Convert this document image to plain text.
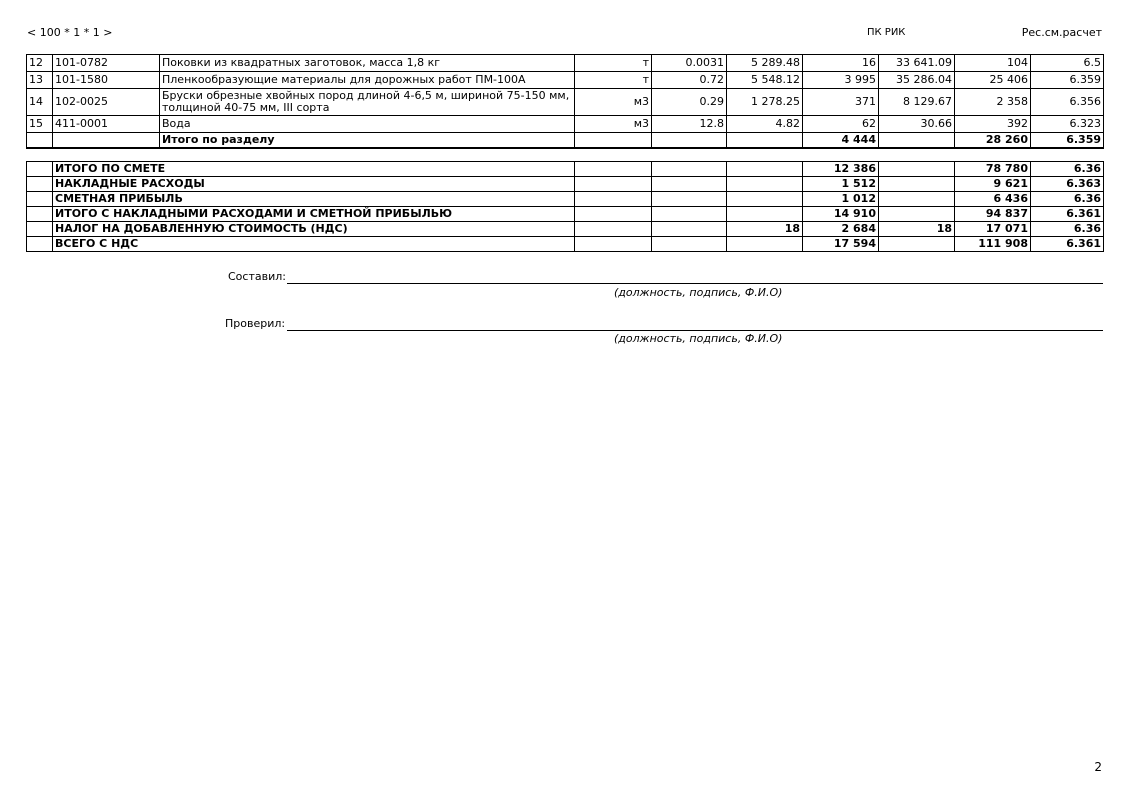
< 100 * 1 * 1 >	ПК РИК	Рес.см.расчет
12	101-0782	Поковки из квадратных заготовок, масса 1,8 кг	т	0.0031	5 289.48	16	33 641.09	104	6.5
13	101-1580	Пленкообразующие материалы для дорожных работ ПМ-100А	т	0.72	5 548.12	3 995	35 286.04	25 406	6.359
14	102-0025	Бруски обрезные хвойных пород длиной 4-6,5 м, шириной 75-150 мм, толщиной 40-75 мм, III сорта	м3	0.29	1 278.25	371	8 129.67	2 358	6.356
15	411-0001	Вода	м3	12.8	4.82	62	30.66	392	6.323
		Итого по разделу				4 444		28 260	6.359
	ИТОГО ПО СМЕТЕ				12 386		78 780	6.36
	НАКЛАДНЫЕ РАСХОДЫ				1 512		9 621	6.363
	СМЕТНАЯ ПРИБЫЛЬ				1 012		6 436	6.36
	ИТОГО С НАКЛАДНЫМИ РАСХОДАМИ И СМЕТНОЙ ПРИБЫЛЬЮ				14 910		94 837	6.361
	НАЛОГ НА ДОБАВЛЕННУЮ СТОИМОСТЬ (НДС)			18	2 684	18	17 071	6.36
	ВСЕГО С НДС				17 594		111 908	6.361
Составил:
(должность, подпись, Ф.И.О)
Проверил:
(должность, подпись, Ф.И.О)
2
